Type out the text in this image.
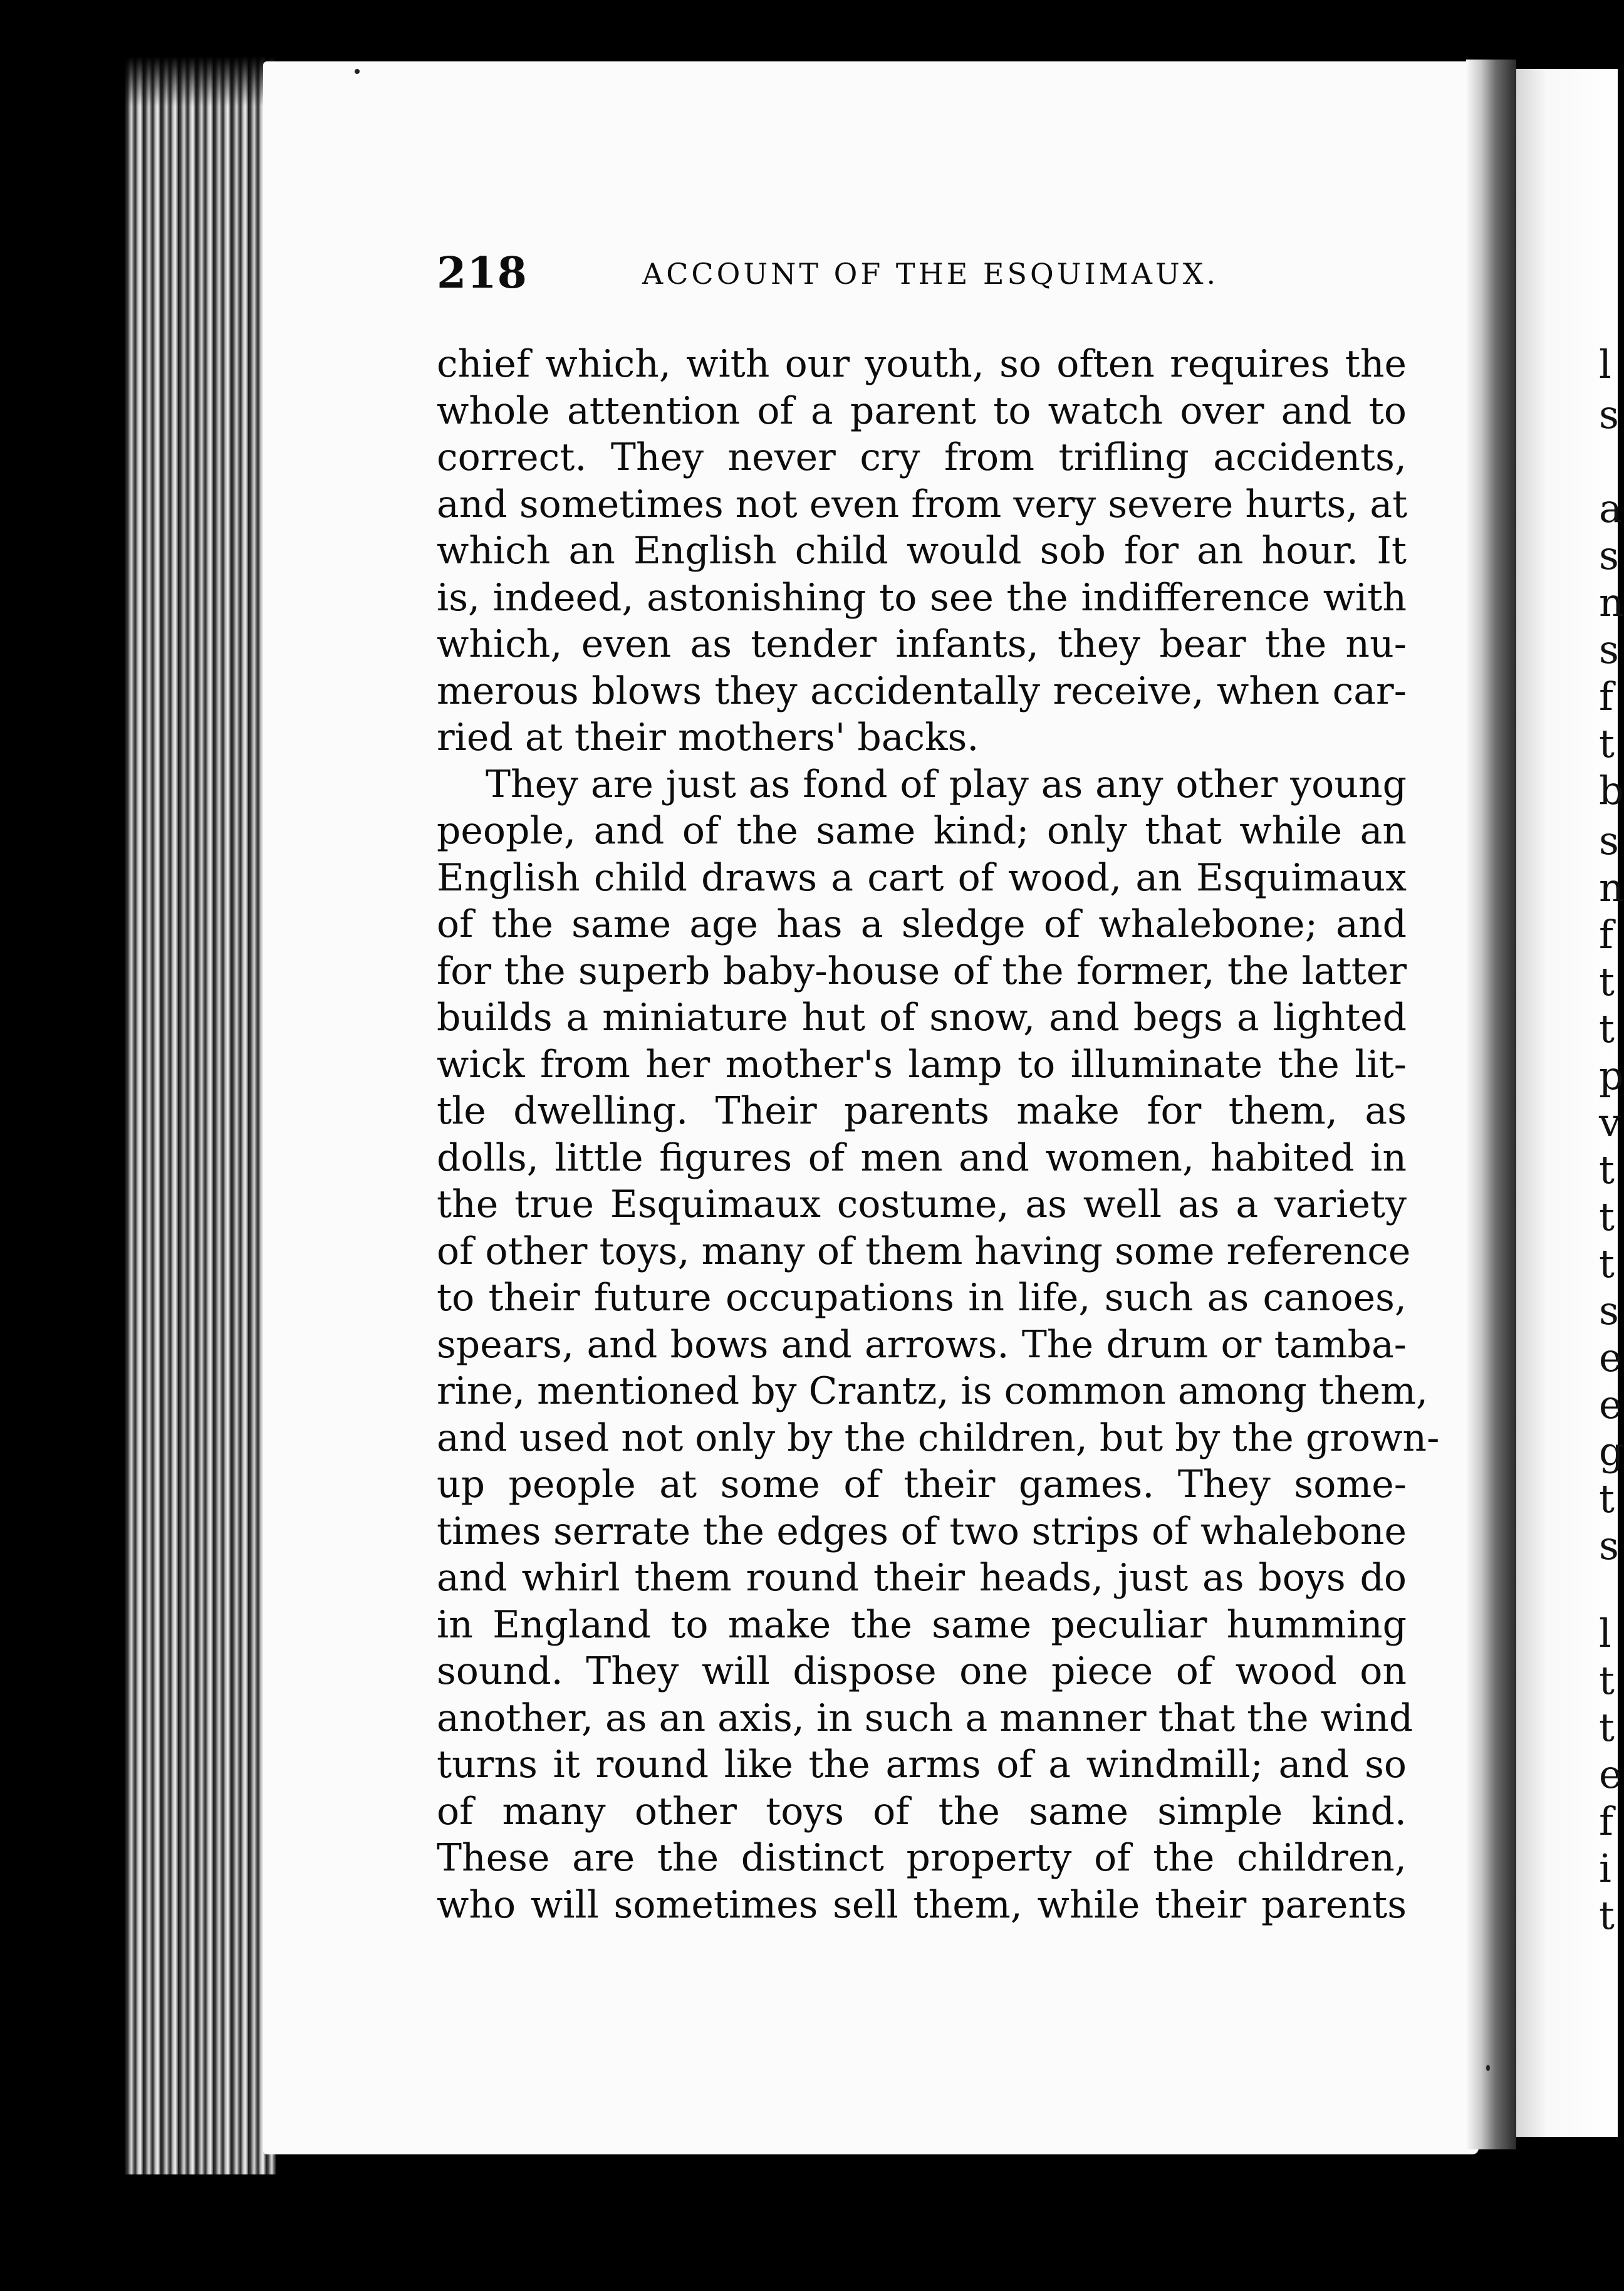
218	ACCOUNT OF THE ESQUIMAUX.
chief which, with our youth, so often requires the
whole attention of a parent to watch over and to
correct. They never cry from trifling accidents,
and sometimes not even from very severe hurts, at
which an English child would sob for an hour. It
is, indeed, astonishing to see the indifference with
which, even as tender infants, they bear the nu-
merous blows they accidentally receive, when car-
ried at their mothers' backs.
They are just as fond of play as any other young
people, and of the same kind; only that while an
English child draws a cart of wood, an Esquimaux
of the same age has a sledge of whalebone; and
for the superb baby-house of the former, the latter
builds a miniature hut of snow, and begs a lighted
wick from her mother's lamp to illuminate the lit-
tle dwelling. Their parents make for them, as
dolls, little figures of men and women, habited in
the true Esquimaux costume, as well as a variety
of other toys, many of them having some reference
to their future occupations in life, such as canoes,
spears, and bows and arrows. The drum or tamba-
rine, mentioned by Crantz, is common among them,
and used not only by the children, but by the grown-
up people at some of their games. They some-
times serrate the edges of two strips of whalebone
and whirl them round their heads, just as boys do
in England to make the same peculiar humming
sound. They will dispose one piece of wood on
another, as an axis, in such a manner that the wind
turns it round like the arms of a windmill; and so
of many other toys of the same simple kind.
These are the distinct property of the children,
who will sometimes sell them, while their parents
l
s
a
s
n
s
f
t
b
s
n
f
t
t
p
v
t
t
t
s
e
e
g
t
s
l
t
t
e
f
i
t
